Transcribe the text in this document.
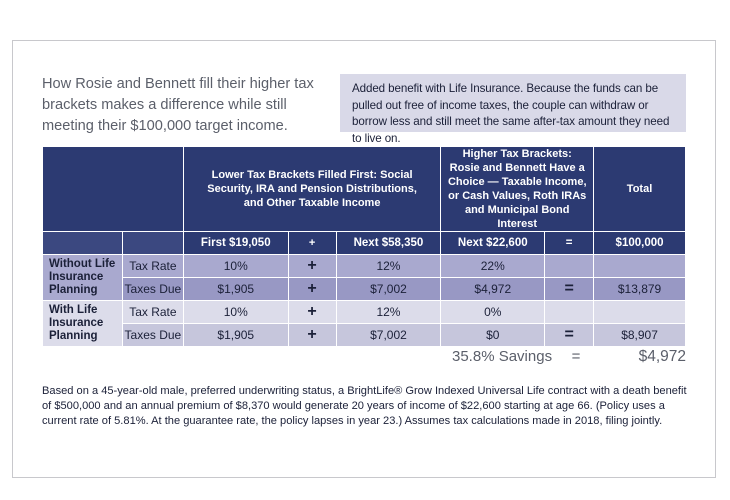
How Rosie and Bennett fill their higher tax brackets makes a difference while still meeting their $100,000 target income.
Added benefit with Life Insurance. Because the funds can be pulled out free of income taxes, the couple can withdraw or borrow less and still meet the same after-tax amount they need to live on.
		Lower Tax Brackets Filled First: Social Security, IRA and Pension Distributions, and Other Taxable Income			Higher Tax Brackets: Rosie and Bennett Have a Choice — Taxable Income, or Cash Values, Roth IRAs and Municipal Bond Interest		Total
		First $19,050	+	Next $58,350	Next $22,600	=	$100,000
Without Life Insurance Planning	Tax Rate	10%	+	12%	22%		
	Taxes Due	$1,905	+	$7,002	$4,972	=	$13,879
With Life Insurance Planning	Tax Rate	10%	+	12%	0%		
	Taxes Due	$1,905	+	$7,002	$0	=	$8,907
35.8% Savings	=	$4,972
Based on a 45-year-old male, preferred underwriting status, a BrightLife® Grow Indexed Universal Life contract with a death benefit of $500,000 and an annual premium of $8,370 would generate 20 years of income of $22,600 starting at age 66. (Policy uses a current rate of 5.81%. At the guarantee rate, the policy lapses in year 23.) Assumes tax calculations made in 2018, filing jointly.
